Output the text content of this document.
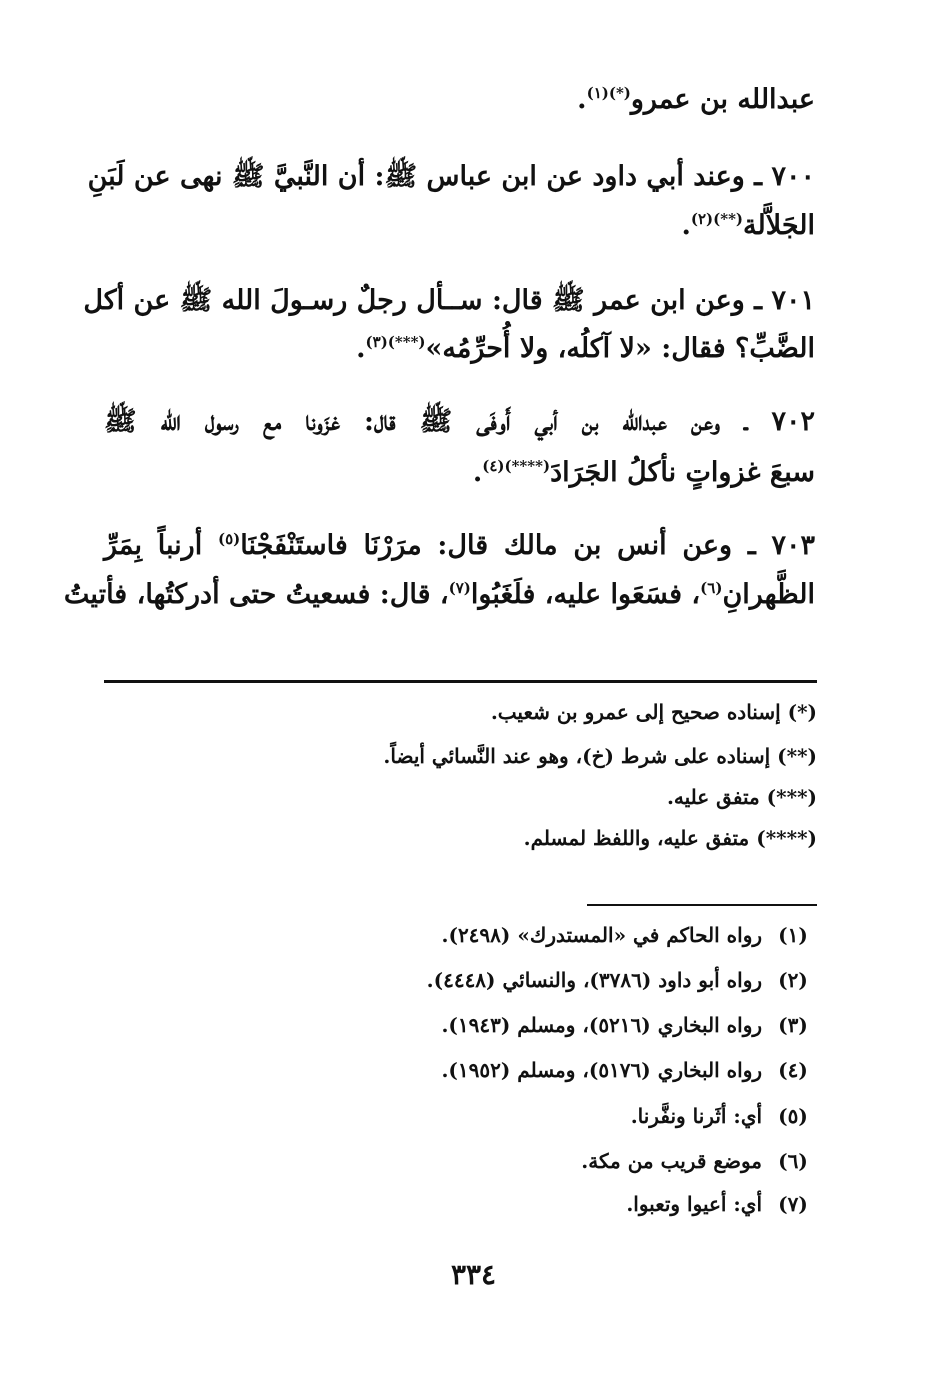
عبدالله بن عمرو$^{(*)(١)}$.
٧٠٠ ـ وعند أبي داود عن ابن عباس ﷺ: أن النَّبيَّ ﷺ نهى عن لَبَنِ
الجَلاَّلة$^{(**)(٢)}$.
٧٠١ ـ وعن ابن عمر ﷺ قال: ســأل رجلٌ رسـولَ الله ﷺ عن أكل
الضَّبِّ؟ فقال: «لا آكلُه، ولا أُحرِّمُه»$^{(***)(٣)}$.
٧٠٢ ـ وعن عبدالله بن أبي أَوفَى ﷺ قال: غزَونا مع رسول الله ﷺ
سبعَ غزواتٍ نأكلُ الجَرَادَ$^{(****)(٤)}$.
٧٠٣ ـ وعن أنس بن مالك قال: مرَرْنَا فاستَنْفَجْنَا$^{(٥)}$ أرنباً بِمَرِّ
الظَّهرانِ$^{(٦)}$، فسَعَوا عليه، فلَغَبُوا$^{(٧)}$، قال: فسعيتُ حتى أدركتُها، فأتيتُ
(*) إسناده صحيح إلى عمرو بن شعيب.
(**) إسناده على شرط (خ)، وهو عند النَّسائي أيضاً.
(***) متفق عليه.
(****) متفق عليه، واللفظ لمسلم.
(١) رواه الحاكم في «المستدرك» (٢٤٩٨).
(٢) رواه أبو داود (٣٧٨٦)، والنسائي (٤٤٤٨).
(٣) رواه البخاري (٥٢١٦)، ومسلم (١٩٤٣).
(٤) رواه البخاري (٥١٧٦)، ومسلم (١٩٥٢).
(٥) أي: أثَرنا ونفَّرنا.
(٦) موضع قريب من مكة.
(٧) أي: أعيوا وتعبوا.
٣٣٤
